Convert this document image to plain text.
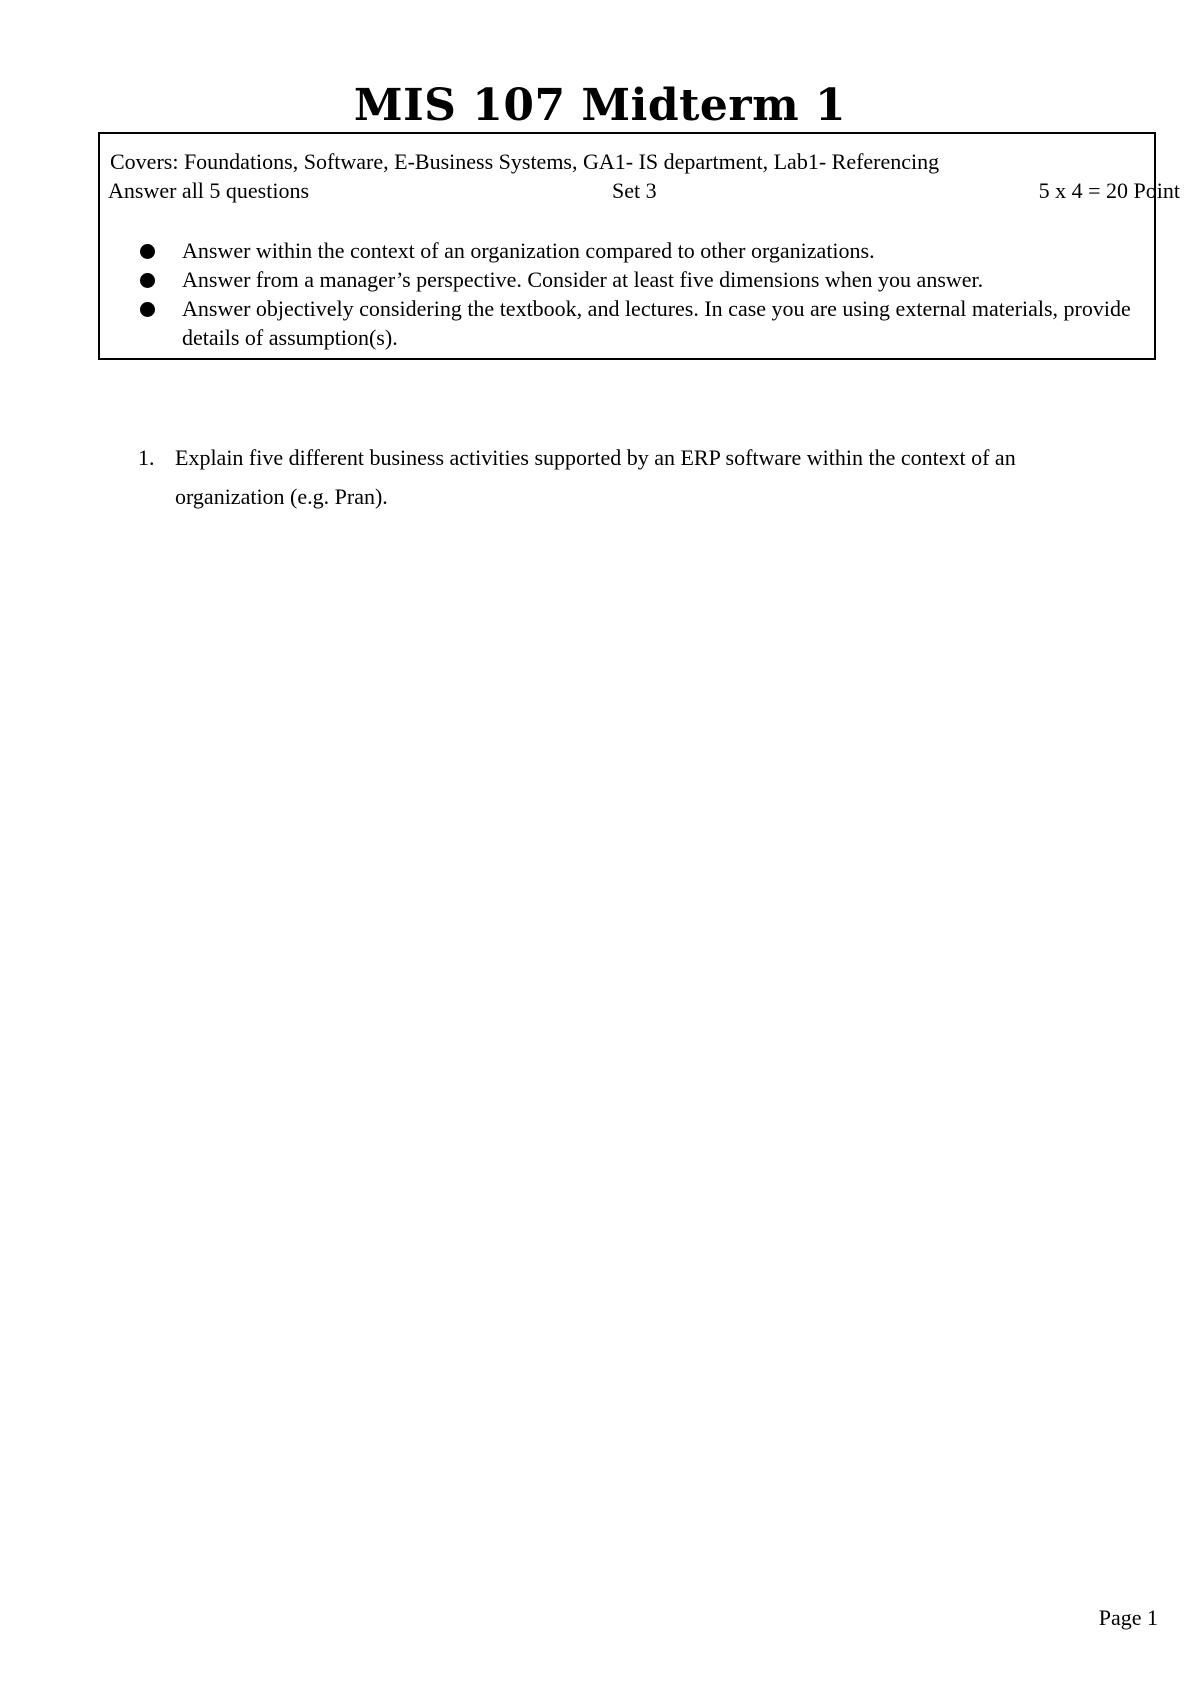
MIS 107 Midterm 1
Covers: Foundations, Software, E-Business Systems, GA1- IS department, Lab1- Referencing
Answer all 5 questions	Set 3	5 x 4 = 20 Point
Answer within the context of an organization compared to other organizations.
Answer from a manager’s perspective. Consider at least five dimensions when you answer.
Answer objectively considering the textbook, and lectures. In case you are using external materials, provide details of assumption(s).
1. Explain five different business activities supported by an ERP software within the context of an organization (e.g. Pran).
Page 1
